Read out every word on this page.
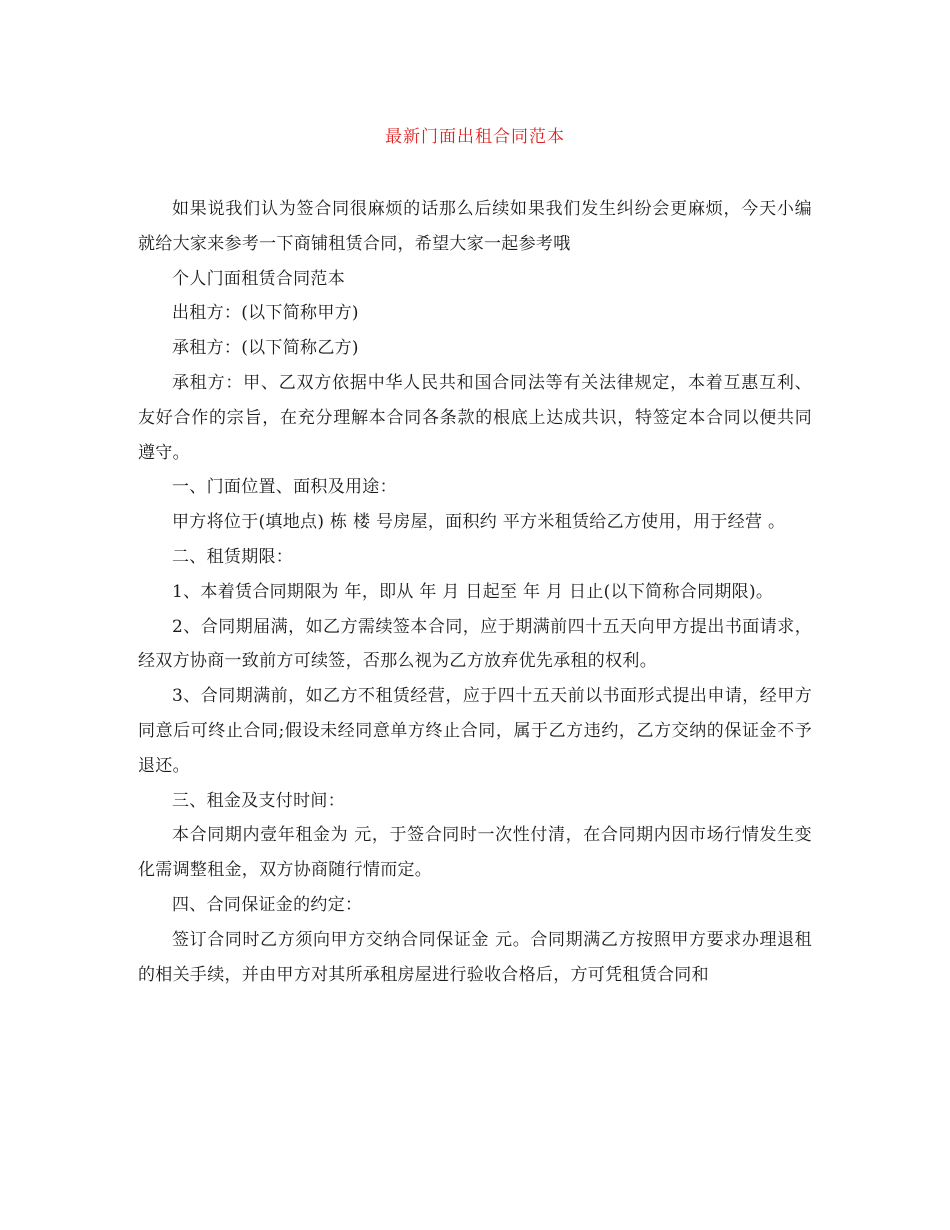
最新门面出租合同范本

如果说我们认为签合同很麻烦的话那么后续如果我们发生纠纷会更麻烦，今天小编就给大家来参考一下商铺租赁合同，希望大家一起参考哦

个人门面租赁合同范本

出租方：(以下简称甲方)

承租方：(以下简称乙方)

承租方：甲、乙双方依据中华人民共和国合同法等有关法律规定，本着互惠互利、友好合作的宗旨，在充分理解本合同各条款的根底上达成共识，特签定本合同以便共同遵守。

一、门面位置、面积及用途：

甲方将位于(填地点) 栋 楼 号房屋，面积约 平方米租赁给乙方使用，用于经营 。

二、租赁期限：

1、本着赁合同期限为 年，即从 年 月 日起至 年 月 日止(以下简称合同期限)。

2、合同期届满，如乙方需续签本合同，应于期满前四十五天向甲方提出书面请求，经双方协商一致前方可续签，否那么视为乙方放弃优先承租的权利。

3、合同期满前，如乙方不租赁经营，应于四十五天前以书面形式提出申请，经甲方同意后可终止合同;假设未经同意单方终止合同，属于乙方违约，乙方交纳的保证金不予退还。

三、租金及支付时间：

本合同期内壹年租金为 元，于签合同时一次性付清，在合同期内因市场行情发生变化需调整租金，双方协商随行情而定。

四、合同保证金的约定：

签订合同时乙方须向甲方交纳合同保证金 元。合同期满乙方按照甲方要求办理退租的相关手续，并由甲方对其所承租房屋进行验收合格后，方可凭租赁合同和
